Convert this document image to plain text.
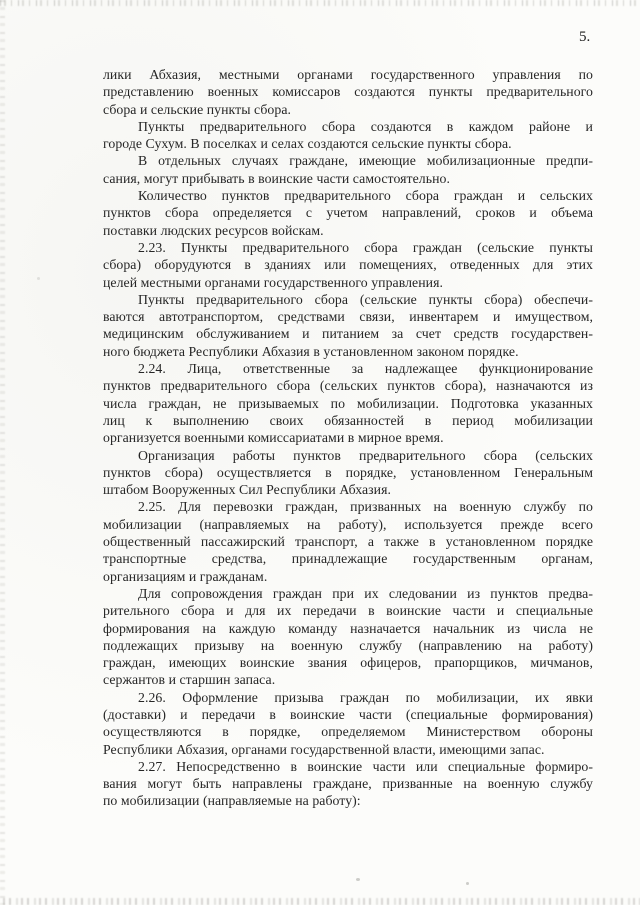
5.
лики Абхазия, местными органами государственного управления по
представлению военных комиссаров создаются пункты предварительного
сбора и сельские пункты сбора.
Пункты предварительного сбора создаются в каждом районе и
городе Сухум. В поселках и селах создаются сельские пункты сбора.
В отдельных случаях граждане, имеющие мобилизационные предпи-
сания, могут прибывать в воинские части самостоятельно.
Количество пунктов предварительного сбора граждан и сельских
пунктов сбора определяется с учетом направлений, сроков и объема
поставки людских ресурсов войскам.
2.23. Пункты предварительного сбора граждан (сельские пункты
сбора) оборудуются в зданиях или помещениях, отведенных для этих
целей местными органами государственного управления.
Пункты предварительного сбора (сельские пункты сбора) обеспечи-
ваются автотранспортом, средствами связи, инвентарем и имуществом,
медицинским обслуживанием и питанием за счет средств государствен-
ного бюджета Республики Абхазия в установленном законом порядке.
2.24. Лица, ответственные за надлежащее функционирование
пунктов предварительного сбора (сельских пунктов сбора), назначаются из
числа граждан, не призываемых по мобилизации. Подготовка указанных
лиц к выполнению своих обязанностей в период мобилизации
организуется военными комиссариатами в мирное время.
Организация работы пунктов предварительного сбора (сельских
пунктов сбора) осуществляется в порядке, установленном Генеральным
штабом Вооруженных Сил Республики Абхазия.
2.25. Для перевозки граждан, призванных на военную службу по
мобилизации (направляемых на работу), используется прежде всего
общественный пассажирский транспорт, а также в установленном порядке
транспортные средства, принадлежащие государственным органам,
организациям и гражданам.
Для сопровождения граждан при их следовании из пунктов предва-
рительного сбора и для их передачи в воинские части и специальные
формирования на каждую команду назначается начальник из числа не
подлежащих призыву на военную службу (направлению на работу)
граждан, имеющих воинские звания офицеров, прапорщиков, мичманов,
сержантов и старшин запаса.
2.26. Оформление призыва граждан по мобилизации, их явки
(доставки) и передачи в воинские части (специальные формирования)
осуществляются в порядке, определяемом Министерством обороны
Республики Абхазия, органами государственной власти, имеющими запас.
2.27. Непосредственно в воинские части или специальные формиро-
вания могут быть направлены граждане, призванные на военную службу
по мобилизации (направляемые на работу):
